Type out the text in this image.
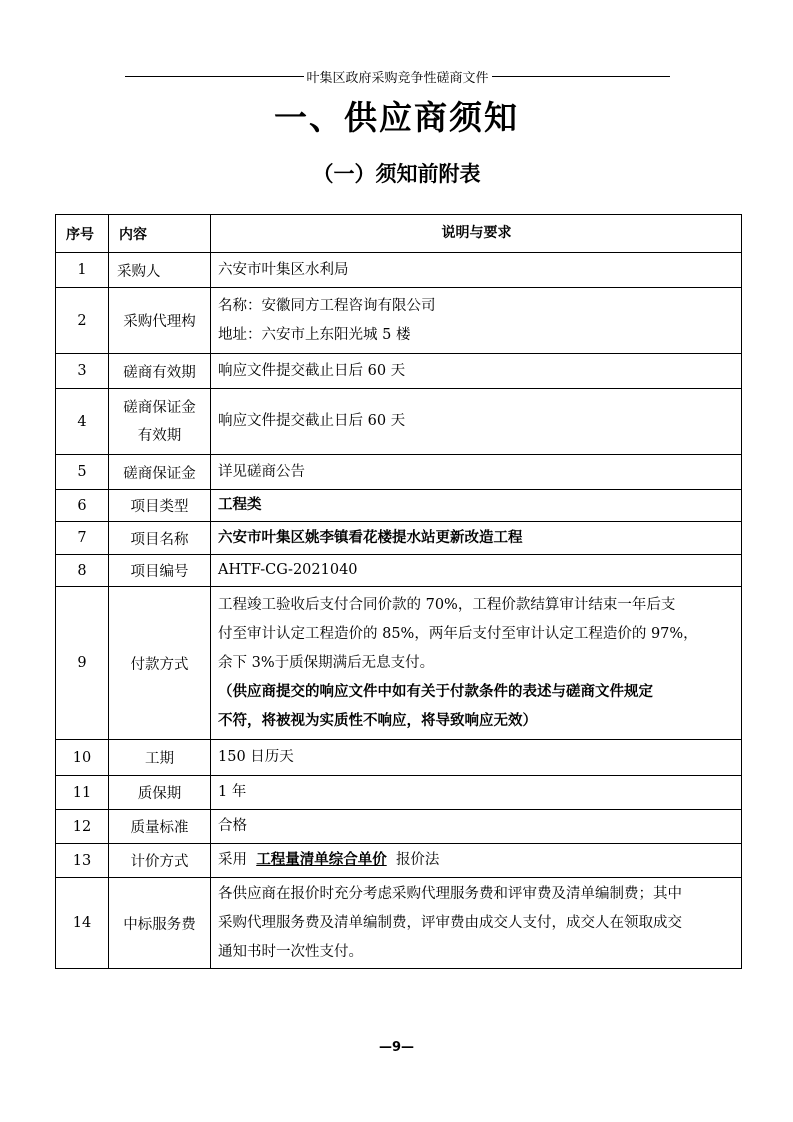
叶集区政府采购竞争性磋商文件
一、供应商须知
（一）须知前附表
序号	内容	说明与要求
1	采购人	六安市叶集区水利局
2	采购代理构	名称：安徽同方工程咨询有限公司
地址：六安市上东阳光城 5 楼

3	磋商有效期	响应文件提交截止日后 60 天
4	磋商保证金
有效期	响应文件提交截止日后 60 天
5	磋商保证金	详见磋商公告
6	项目类型	工程类
7	项目名称	六安市叶集区姚李镇看花楼提水站更新改造工程
8	项目编号	AHTF-CG-2021040
9	付款方式	工程竣工验收后支付合同价款的 70%，工程价款结算审计结束一年后支
付至审计认定工程造价的 85%，两年后支付至审计认定工程造价的 97%，
余下 3%于质保期满后无息支付。
（供应商提交的响应文件中如有关于付款条件的表述与磋商文件规定
不符，将被视为实质性不响应，将导致响应无效）

10	工期	150 日历天
11	质保期	1 年
12	质量标准	合格
13	计价方式	采用 工程量清单综合单价 报价法
14	中标服务费	各供应商在报价时充分考虑采购代理服务费和评审费及清单编制费；其中
采购代理服务费及清单编制费，评审费由成交人支付，成交人在领取成交
通知书时一次性支付。
—9—
